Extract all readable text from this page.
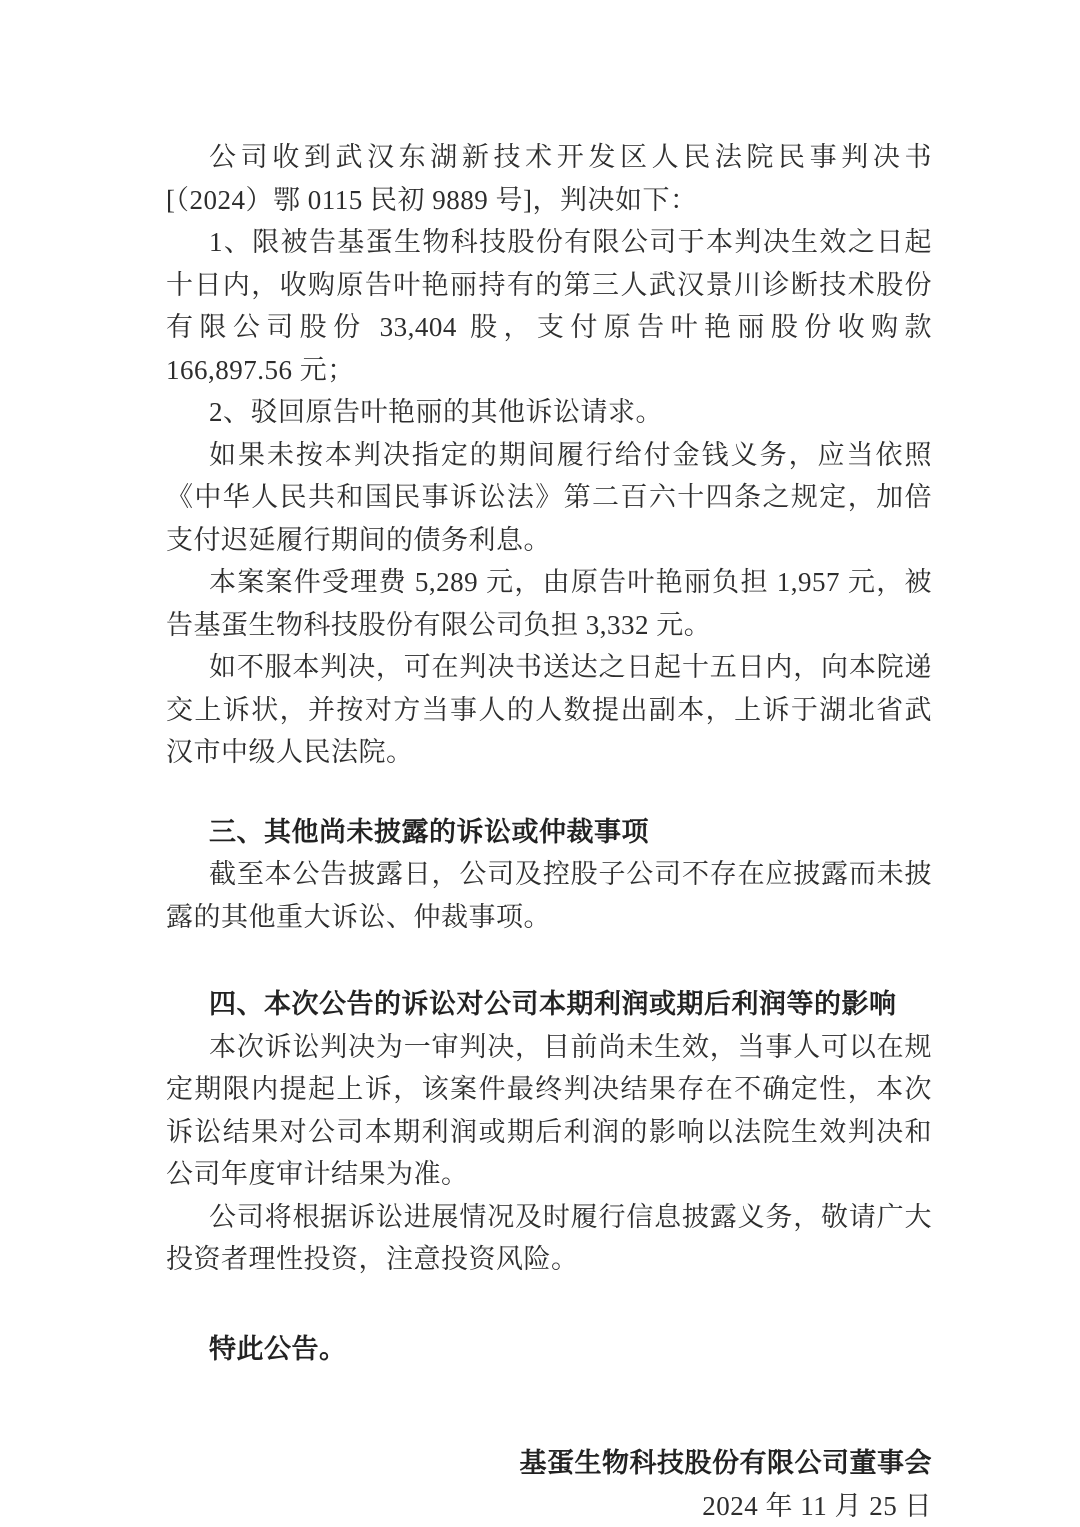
公司收到武汉东湖新技术开发区人民法院民事判决书[（2024）鄂 0115 民初 9889 号]，判决如下：

1、限被告基蛋生物科技股份有限公司于本判决生效之日起十日内，收购原告叶艳丽持有的第三人武汉景川诊断技术股份有限公司股份 33,404 股，支付原告叶艳丽股份收购款 166,897.56 元；

2、驳回原告叶艳丽的其他诉讼请求。

如果未按本判决指定的期间履行给付金钱义务，应当依照《中华人民共和国民事诉讼法》第二百六十四条之规定，加倍支付迟延履行期间的债务利息。

本案案件受理费 5,289 元，由原告叶艳丽负担 1,957 元，被告基蛋生物科技股份有限公司负担 3,332 元。

如不服本判决，可在判决书送达之日起十五日内，向本院递交上诉状，并按对方当事人的人数提出副本，上诉于湖北省武汉市中级人民法院。

三、其他尚未披露的诉讼或仲裁事项

截至本公告披露日，公司及控股子公司不存在应披露而未披露的其他重大诉讼、仲裁事项。

四、本次公告的诉讼对公司本期利润或期后利润等的影响

本次诉讼判决为一审判决，目前尚未生效，当事人可以在规定期限内提起上诉，该案件最终判决结果存在不确定性，本次诉讼结果对公司本期利润或期后利润的影响以法院生效判决和公司年度审计结果为准。

公司将根据诉讼进展情况及时履行信息披露义务，敬请广大投资者理性投资，注意投资风险。

特此公告。

基蛋生物科技股份有限公司董事会

2024 年 11 月 25 日
